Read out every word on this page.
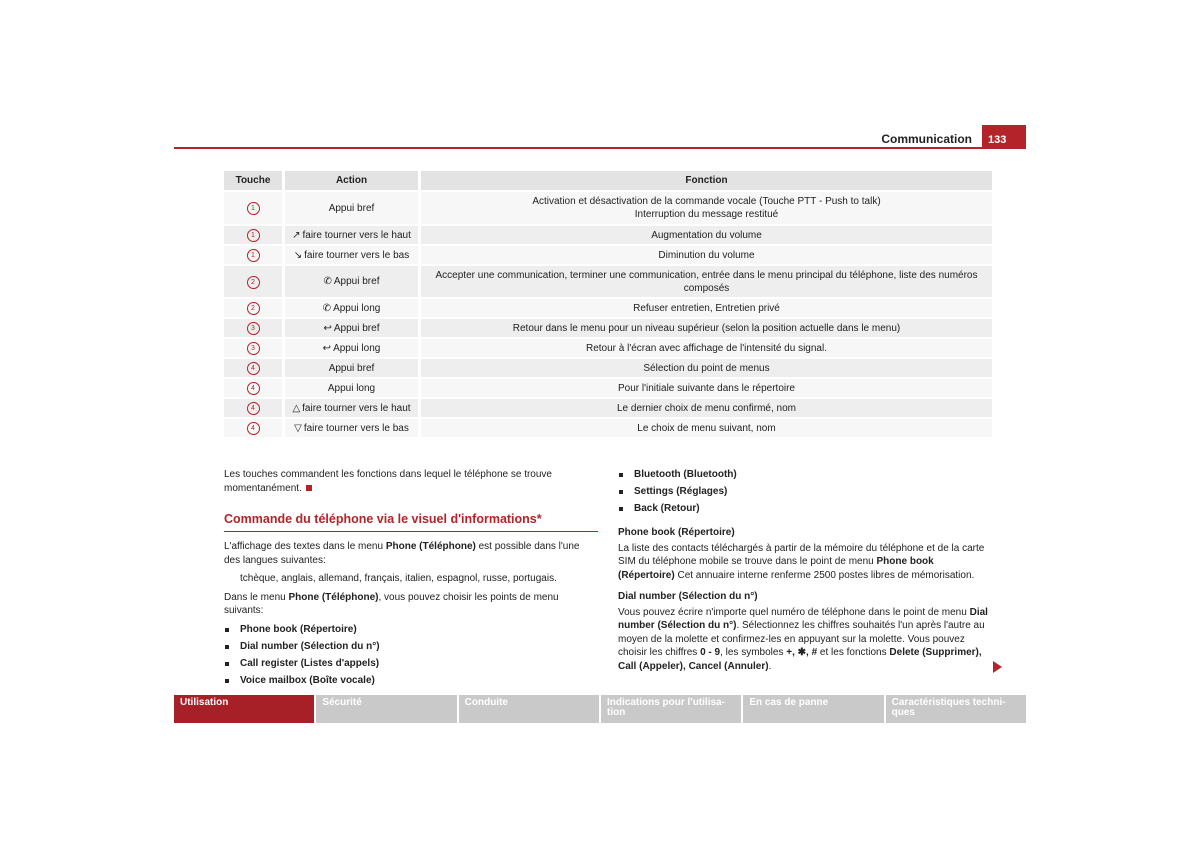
Communication	133
Touche	Action	Fonction
1	Appui bref	Activation et désactivation de la commande vocale (Touche PTT - Push to talk)
Interruption du message restitué
1	↗ faire tourner vers le haut	Augmentation du volume
1	↘ faire tourner vers le bas	Diminution du volume
2	✆ Appui bref	Accepter une communication, terminer une communication, entrée dans le menu principal du téléphone, liste des numéros composés
2	✆ Appui long	Refuser entretien, Entretien privé
3	↩ Appui bref	Retour dans le menu pour un niveau supérieur (selon la position actuelle dans le menu)
3	↩ Appui long	Retour à l'écran avec affichage de l'intensité du signal.
4	Appui bref	Sélection du point de menus
4	Appui long	Pour l'initiale suivante dans le répertoire
4	△ faire tourner vers le haut	Le dernier choix de menu confirmé, nom
4	▽ faire tourner vers le bas	Le choix de menu suivant, nom

Les touches commandent les fonctions dans lequel le téléphone se trouve momentanément.

Commande du téléphone via le visuel d'informations*

L'affichage des textes dans le menu Phone (Téléphone) est possible dans l'une des langues suivantes:

tchèque, anglais, allemand, français, italien, espagnol, russe, portugais.

Dans le menu Phone (Téléphone), vous pouvez choisir les points de menu suivants:

Phone book (Répertoire)
Dial number (Sélection du n°)
Call register (Listes d'appels)
Voice mailbox (Boîte vocale)
Bluetooth (Bluetooth)
Settings (Réglages)
Back (Retour)

Phone book (Répertoire)

La liste des contacts téléchargés à partir de la mémoire du téléphone et de la carte SIM du téléphone mobile se trouve dans le point de menu Phone book (Répertoire) Cet annuaire interne renferme 2500 postes libres de mémorisation.

Dial number (Sélection du n°)

Vous pouvez écrire n'importe quel numéro de téléphone dans le point de menu Dial number (Sélection du n°). Sélectionnez les chiffres souhaités l'un après l'autre au moyen de la molette et confirmez-les en appuyant sur la molette. Vous pouvez choisir les chiffres 0 - 9, les symboles +, ✱, # et les fonctions Delete (Supprimer), Call (Appeler), Cancel (Annuler).

Utilisation	Sécurité	Conduite	Indications pour l'utilisa-
tion
En cas de panne	Caractéristiques techni-
ques
